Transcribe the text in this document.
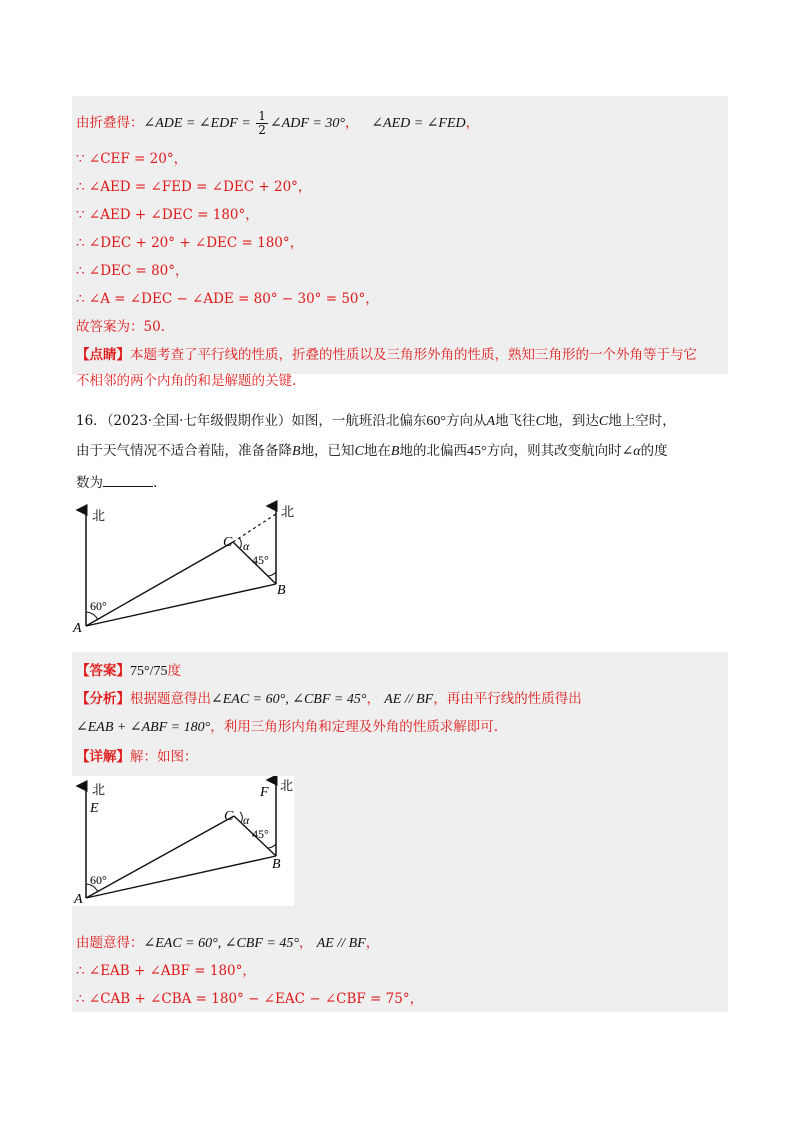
由折叠得：∠ADE = ∠EDF = $\frac{1}{2}$ ∠ADF = 30°， ∠AED = ∠FED，
∵ ∠CEF = 20°，
∴ ∠AED = ∠FED = ∠DEC + 20°，
∵ ∠AED + ∠DEC = 180°，
∴ ∠DEC + 20° + ∠DEC = 180°，
∴ ∠DEC = 80°，
∴ ∠A = ∠DEC − ∠ADE = 80° − 30° = 50°，
故答案为：50.
【点睛】本题考查了平行线的性质，折叠的性质以及三角形外角的性质，熟知三角形的一个外角等于与它
不相邻的两个内角的和是解题的关键.
16．（2023·全国·七年级假期作业）如图，一航班沿北偏东60°方向从A地飞往C地，到达C地上空时，
由于天气情况不适合着陆，准备备降B地，已知C地在B地的北偏西45°方向，则其改变航向时∠α的度
数为	.
北	北
C α
45°
B
60°
A
【答案】75°/75度
【分析】根据题意得出∠EAC = 60°, ∠CBF = 45°， AE // BF，再由平行线的性质得出
∠EAB + ∠ABF = 180°，利用三角形内角和定理及外角的性质求解即可.
【详解】解：如图：
北
E
F 北
C α
45°
B
60°
A
由题意得：∠EAC = 60°, ∠CBF = 45°， AE // BF，
∴ ∠EAB + ∠ABF = 180°，
∴ ∠CAB + ∠CBA = 180° − ∠EAC − ∠CBF = 75°，
